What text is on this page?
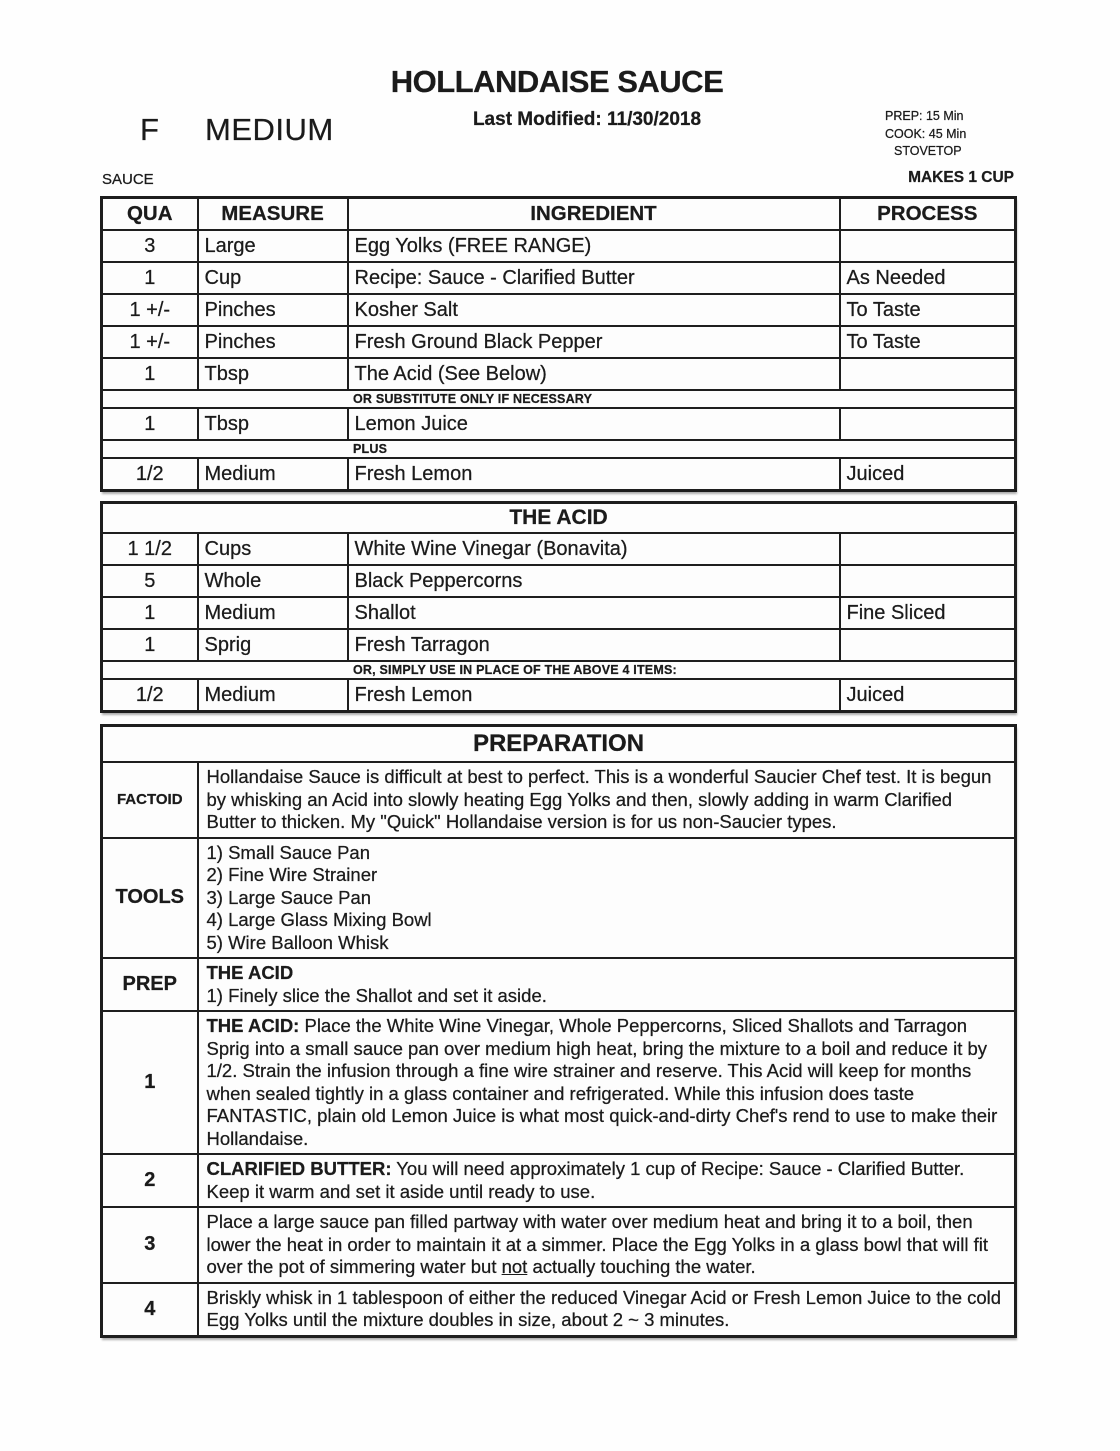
HOLLANDAISE SAUCE
Last Modified: 11/30/2018
F MEDIUM	PREP: 15 Min
COOK: 45 Min
STOVETOP
SAUCE	MAKES 1 CUP
QUA	MEASURE	INGREDIENT	PROCESS
3	Large	Egg Yolks (FREE RANGE)	
1	Cup	Recipe: Sauce - Clarified Butter	As Needed
1 +/-	Pinches	Kosher Salt	To Taste
1 +/-	Pinches	Fresh Ground Black Pepper	To Taste
1	Tbsp	The Acid (See Below)	
OR SUBSTITUTE ONLY IF NECESSARY			
1	Tbsp	Lemon Juice	
PLUS			
1/2	Medium	Fresh Lemon	Juiced
THE ACID			
1 1/2	Cups	White Wine Vinegar (Bonavita)	
5	Whole	Black Peppercorns	
1	Medium	Shallot	Fine Sliced
1	Sprig	Fresh Tarragon	
OR, SIMPLY USE IN PLACE OF THE ABOVE 4 ITEMS:			
1/2	Medium	Fresh Lemon	Juiced
PREPARATION	
FACTOID	Hollandaise Sauce is difficult at best to perfect. This is a wonderful Saucier Chef test. It is begun by whisking an Acid into slowly heating Egg Yolks and then, slowly adding in warm Clarified Butter to thicken. My "Quick" Hollandaise version is for us non-Saucier types.
TOOLS	1) Small Sauce Pan
2) Fine Wire Strainer
3) Large Sauce Pan
4) Large Glass Mixing Bowl
5) Wire Balloon Whisk

PREP	THE ACID
1) Finely slice the Shallot and set it aside.

1	THE ACID: Place the White Wine Vinegar, Whole Peppercorns, Sliced Shallots and Tarragon Sprig into a small sauce pan over medium high heat, bring the mixture to a boil and reduce it by 1/2. Strain the infusion through a fine wire strainer and reserve. This Acid will keep for months when sealed tightly in a glass container and refrigerated. While this infusion does taste FANTASTIC, plain old Lemon Juice is what most quick-and-dirty Chef's rend to use to make their Hollandaise.
2	CLARIFIED BUTTER: You will need approximately 1 cup of Recipe: Sauce - Clarified Butter. Keep it warm and set it aside until ready to use.
3	Place a large sauce pan filled partway with water over medium heat and bring it to a boil, then lower the heat in order to maintain it at a simmer. Place the Egg Yolks in a glass bowl that will fit over the pot of simmering water but not actually touching the water.
4	Briskly whisk in 1 tablespoon of either the reduced Vinegar Acid or Fresh Lemon Juice to the cold Egg Yolks until the mixture doubles in size, about 2 ~ 3 minutes.
